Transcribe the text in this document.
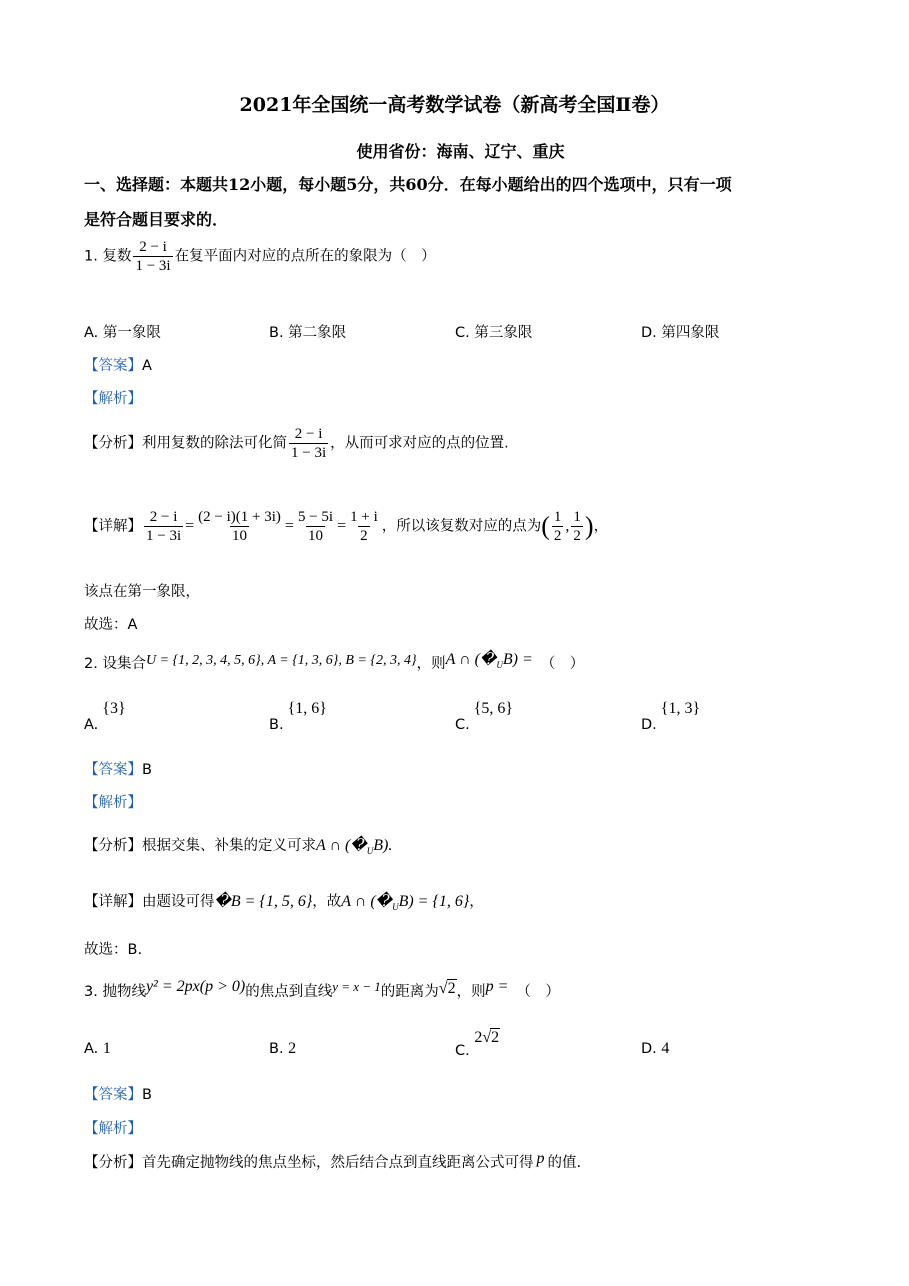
2021年全国统一高考数学试卷（新高考全国Ⅱ卷）
使用省份：海南、辽宁、重庆
一、选择题：本题共12小题，每小题5分，共60分．在每小题给出的四个选项中，只有一项
是符合题目要求的．
1. 复数 $\frac{2 - i}{1 - 3i}$ 在复平面内对应的点所在的象限为（　）
A. 第一象限	B. 第二象限	C. 第三象限	D. 第四象限
【答案】A
【解析】
【分析】利用复数的除法可化简 $\frac{2 - i}{1 - 3i}$ ，从而可求对应的点的位置.
【详解】 $\frac{2 - i}{1 - 3i} = \frac{(2 - i)(1 + 3i)}{10} = \frac{5 - 5i}{10} = \frac{1 + i}{2}$ ，所以该复数对应的点为( $\frac{1}{2}$ , $\frac{1}{2}$ )，
该点在第一象限，
故选：A
2. 设集合U = {1, 2, 3, 4, 5, 6}, A = {1, 3, 6}, B = {2, 3, 4}，则A ∩ $(�_UB)$ = （　）
A.{3}
B.{1, 6}
C.{5, 6}
D.{1, 3}
【答案】B
【解析】
【分析】根据交集、补集的定义可求A ∩ $(�_UB)$.
【详解】由题设可得�B = {1, 5, 6}，故A ∩ $(�_UB) = \{1$, 6}，
故选：B.
3. 抛物线y² = 2px(p > 0)的焦点到直线y = x − 1的距离为√2，则p = （　）
A. 1	B. 2	C. 2√2
D. 4
【答案】B
【解析】
【分析】首先确定抛物线的焦点坐标，然后结合点到直线距离公式可得 p 的值.
